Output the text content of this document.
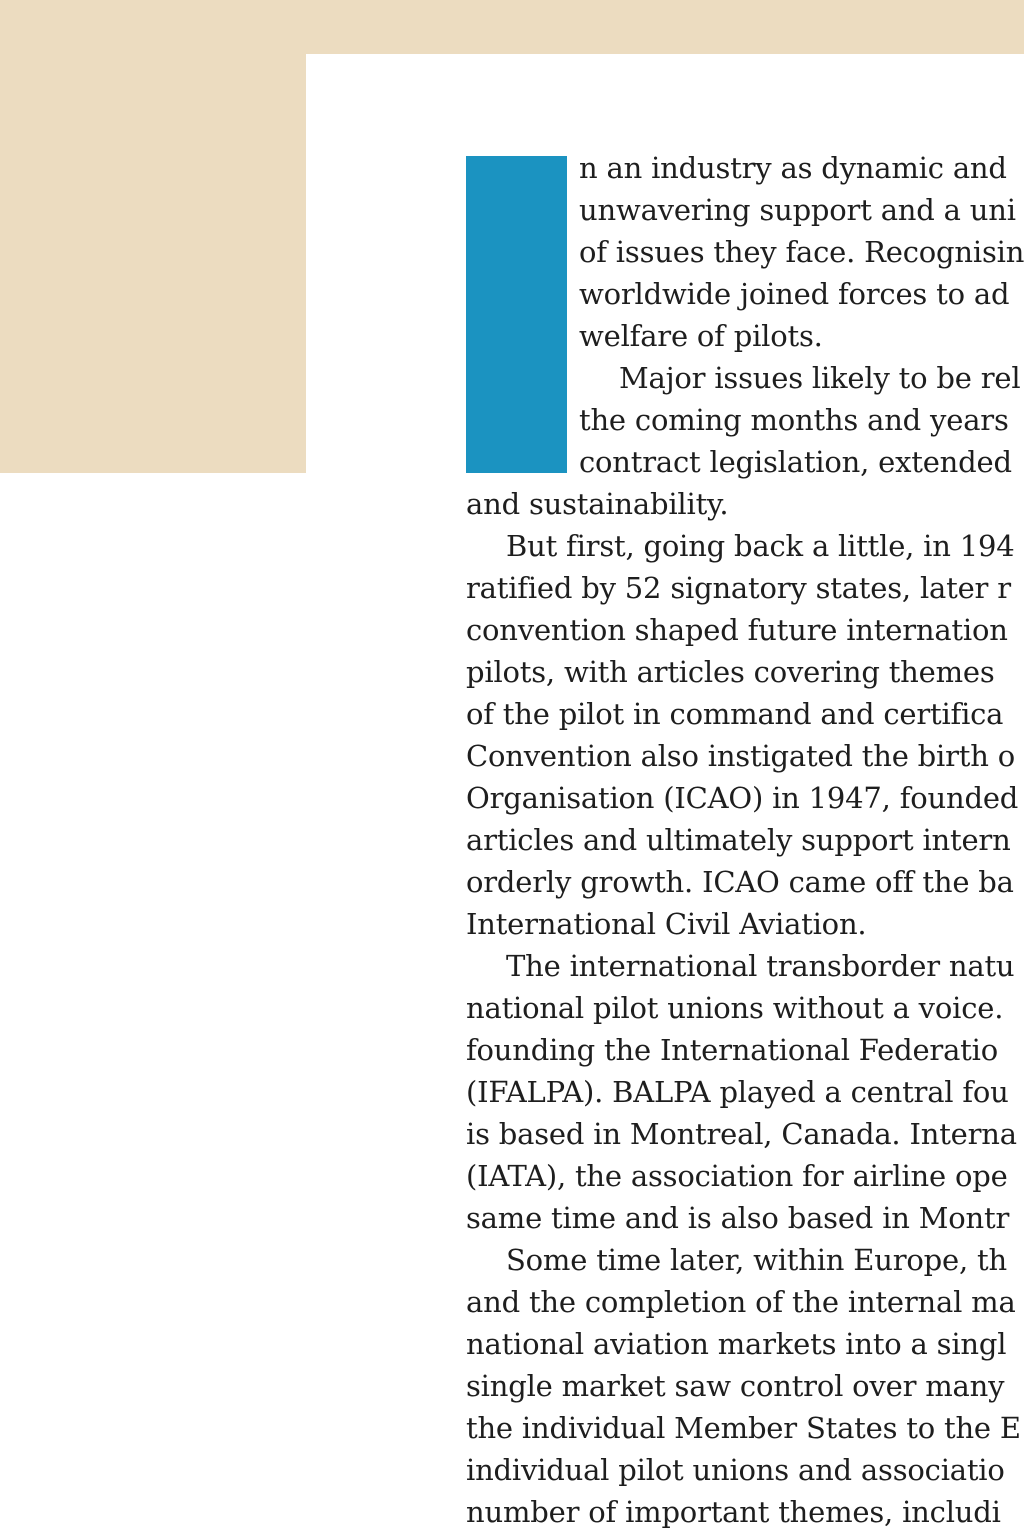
n an industry as dynamic and

unwavering support and a uni

of issues they face. Recognisin

worldwide joined forces to ad

welfare of pilots.

Major issues likely to be rel

the coming months and years

contract legislation, extended

and sustainability.

But first, going back a little, in 194

ratified by 52 signatory states, later r

convention shaped future internation

pilots, with articles covering themes

of the pilot in command and certifica

Convention also instigated the birth o

Organisation (ICAO) in 1947, founded

articles and ultimately support intern

orderly growth. ICAO came off the ba

International Civil Aviation.

The international transborder natu

national pilot unions without a voice.

founding the International Federatio

(IFALPA). BALPA played a central fou

is based in Montreal, Canada. Interna

(IATA), the association for airline ope

same time and is also based in Montr

Some time later, within Europe, th

and the completion of the internal ma

national aviation markets into a singl

single market saw control over many

the individual Member States to the E

individual pilot unions and associatio

number of important themes, includi
